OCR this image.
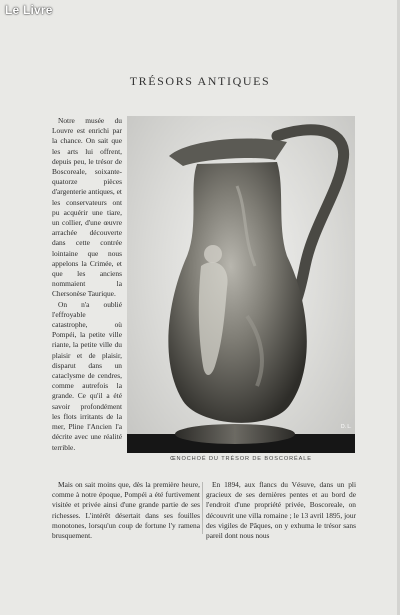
Le Livre
TRÉSORS ANTIQUES

Notre musée du Louvre est enrichi par la chance. On sait que les arts lui offrent, depuis peu, le trésor de Boscoreale, soixante-quatorze pièces d'argenterie antiques, et les conservateurs ont pu acquérir une tiare, un collier, d'une œuvre arrachée découverte dans cette contrée lointaine que nous appelons la Crimée, et que les anciens nommaient la Chersonèse Taurique.

On n'a oublié l'effroyable catastrophe, où Pompéi, la petite ville riante, la petite ville du plaisir et de plaisir, disparut dans un cataclysme de cendres, comme autrefois la grande. Ce qu'il a été savoir profondément les flots irritants de la mer, Pline l'Ancien l'a décrite avec une réalité terrible.

D. L.
ŒNOCHOÉ DU TRÉSOR DE BOSCORÉALE

Mais on sait moins que, dès la première heure, comme à notre époque, Pompéi a été furtivement visitée et privée ainsi d'une grande partie de ses richesses. L'intérêt désertait dans ses fouilles monotones, lorsqu'un coup de fortune l'y ramena brusquement.

En 1894, aux flancs du Vésuve, dans un pli gracieux de ses dernières pentes et au bord de l'endroit d'une propriété privée, Boscoreale, on découvrit une villa romaine ; le 13 avril 1895, jour des vigiles de Pâques, on y exhuma le trésor sans pareil dont nous nous
